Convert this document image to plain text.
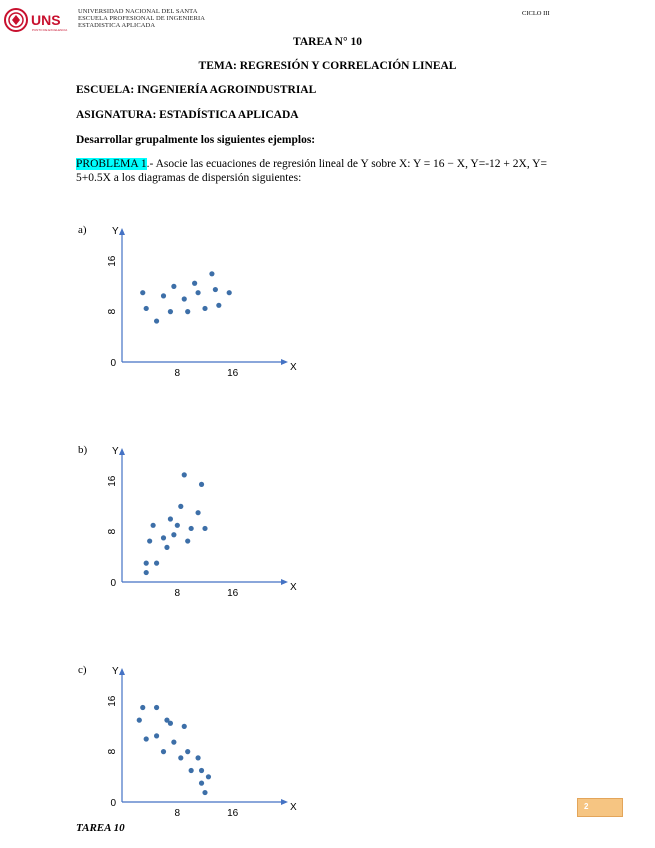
UNS
PUNTO DE EXCELENCIA
UNIVERSIDAD NACIONAL DEL SANTA
ESCUELA PROFESIONAL DE INGENIERIA
ESTADISTICA APLICADA
CICLO III
TAREA N° 10
TEMA: REGRESIÓN Y CORRELACIÓN LINEAL
ESCUELA: INGENIERÍA AGROINDUSTRIAL
ASIGNATURA: ESTADÍSTICA APLICADA
Desarrollar grupalmente los siguientes ejemplos:
PROBLEMA 1.- Asocie las ecuaciones de regresión lineal de Y sobre X: Y = 16 − X, Y=-12 + 2X, Y= 5+0.5X a los diagramas de dispersión siguientes:
a)
b)
c)
Y
X
0
8	16
8
16
Y
X
0
8	16
8
16
Y
X
0
8	16
8
16
TAREA 10
2
